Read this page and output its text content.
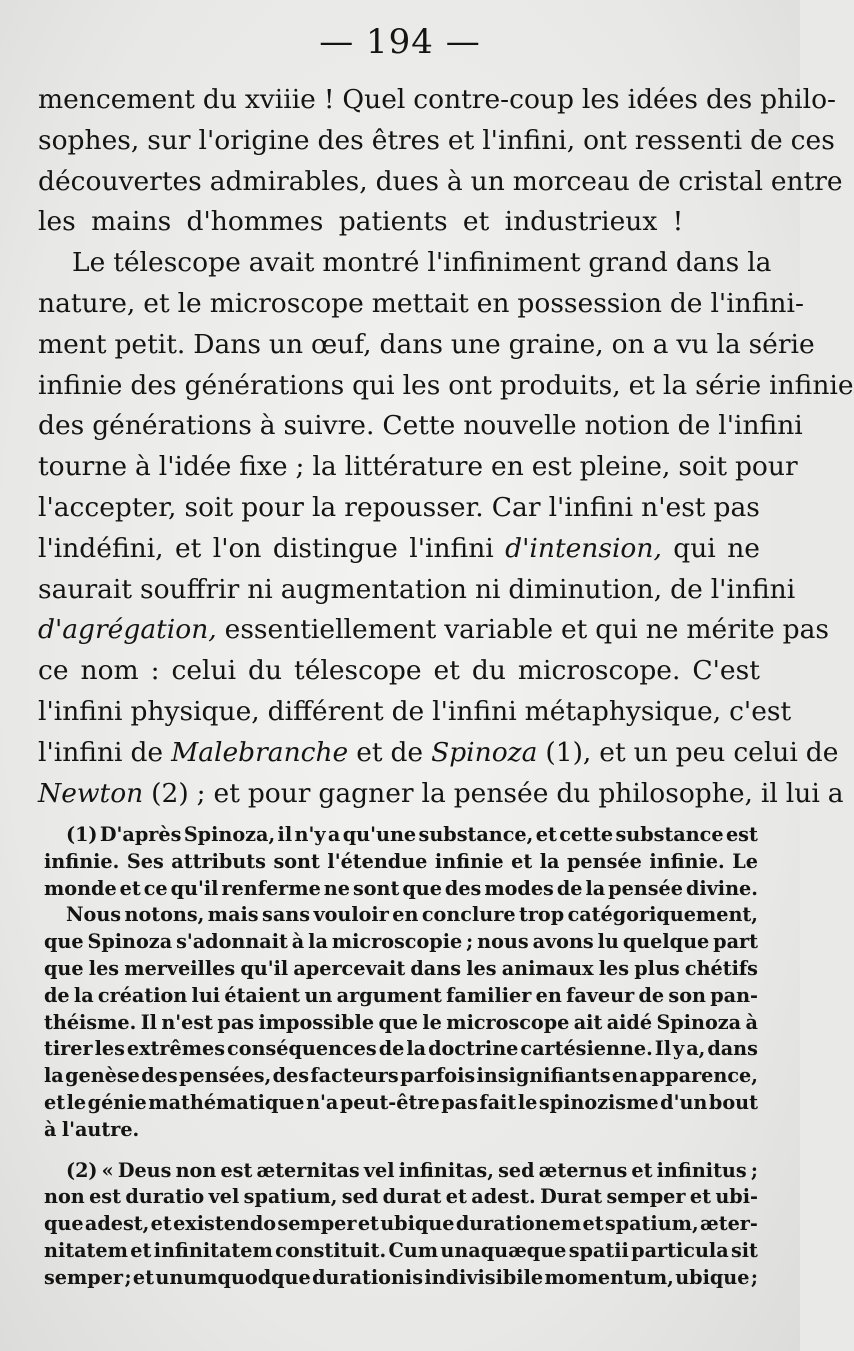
— 194 —
mencement du xviiie ! Quel contre-coup les idées des philo-
sophes, sur l'origine des êtres et l'infini, ont ressenti de ces
découvertes admirables, dues à un morceau de cristal entre
les mains d'hommes patients et industrieux !
Le télescope avait montré l'infiniment grand dans la
nature, et le microscope mettait en possession de l'infini-
ment petit. Dans un œuf, dans une graine, on a vu la série
infinie des générations qui les ont produits, et la série infinie
des générations à suivre. Cette nouvelle notion de l'infini
tourne à l'idée fixe ; la littérature en est pleine, soit pour
l'accepter, soit pour la repousser. Car l'infini n'est pas
l'indéfini, et l'on distingue l'infini d'intension, qui ne
saurait souffrir ni augmentation ni diminution, de l'infini
d'agrégation, essentiellement variable et qui ne mérite pas
ce nom : celui du télescope et du microscope. C'est
l'infini physique, différent de l'infini métaphysique, c'est
l'infini de Malebranche et de Spinoza (1), et un peu celui de
Newton (2) ; et pour gagner la pensée du philosophe, il lui a
(1) D'après Spinoza, il n'y a qu'une substance, et cette substance est
infinie. Ses attributs sont l'étendue infinie et la pensée infinie. Le
monde et ce qu'il renferme ne sont que des modes de la pensée divine.
Nous notons, mais sans vouloir en conclure trop catégoriquement,
que Spinoza s'adonnait à la microscopie ; nous avons lu quelque part
que les merveilles qu'il apercevait dans les animaux les plus chétifs
de la création lui étaient un argument familier en faveur de son pan-
théisme. Il n'est pas impossible que le microscope ait aidé Spinoza à
tirer les extrêmes conséquences de la doctrine cartésienne. Il y a, dans
la genèse des pensées, des facteurs parfois insignifiants en apparence,
et le génie mathématique n'a peut-être pas fait le spinozisme d'un bout
à l'autre.
(2) « Deus non est æternitas vel infinitas, sed æternus et infinitus ;
non est duratio vel spatium, sed durat et adest. Durat semper et ubi-
que adest, et existendo semper et ubique durationem et spatium, æter-
nitatem et infinitatem constituit. Cum unaquæque spatii particula sit
semper ; et unumquodque durationis indivisibile momentum, ubique ;
